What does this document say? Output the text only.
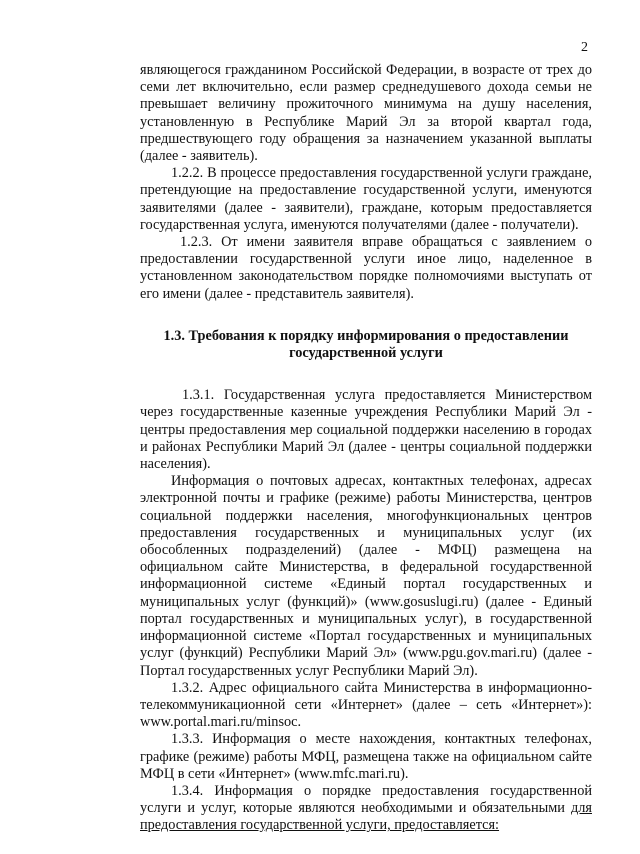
2

являющегося гражданином Российской Федерации, в возрасте от трех до семи лет включительно, если размер среднедушевого дохода семьи не превышает величину прожиточного минимума на душу населения, установленную в Республике Марий Эл за второй квартал года, предшествующего году обращения за назначением указанной выплаты (далее - заявитель).

1.2.2. В процессе предоставления государственной услуги граждане, претендующие на предоставление государственной услуги, именуются заявителями (далее - заявители), граждане, которым предоставляется государственная услуга, именуются получателями (далее - получатели).

1.2.3. От имени заявителя вправе обращаться с заявлением о предоставлении государственной услуги иное лицо, наделенное в установленном законодательством порядке полномочиями выступать от его имени (далее - представитель заявителя).

1.3. Требования к порядку информирования о предоставлении
государственной услуги

1.3.1. Государственная услуга предоставляется Министерством через государственные казенные учреждения Республики Марий Эл - центры предоставления мер социальной поддержки населению в городах и районах Республики Марий Эл (далее - центры социальной поддержки населения).

Информация о почтовых адресах, контактных телефонах, адресах электронной почты и графике (режиме) работы Министерства, центров социальной поддержки населения, многофункциональных центров предоставления государственных и муниципальных услуг (их обособленных подразделений) (далее - МФЦ) размещена на официальном сайте Министерства, в федеральной государственной информационной системе «Единый портал государственных и муниципальных услуг (функций)» (www.gosuslugi.ru) (далее - Единый портал государственных и муниципальных услуг), в государственной информационной системе «Портал государственных и муниципальных услуг (функций) Республики Марий Эл» (www.pgu.gov.mari.ru) (далее - Портал государственных услуг Республики Марий Эл).

1.3.2. Адрес официального сайта Министерства в информационно-телекоммуникационной сети «Интернет» (далее – сеть «Интернет»): www.portal.mari.ru/minsoc.

1.3.3. Информация о месте нахождения, контактных телефонах, графике (режиме) работы МФЦ, размещена также на официальном сайте МФЦ в сети «Интернет» (www.mfc.mari.ru).

1.3.4. Информация о порядке предоставления государственной услуги и услуг, которые являются необходимыми и обязательными для предоставления государственной услуги, предоставляется:
